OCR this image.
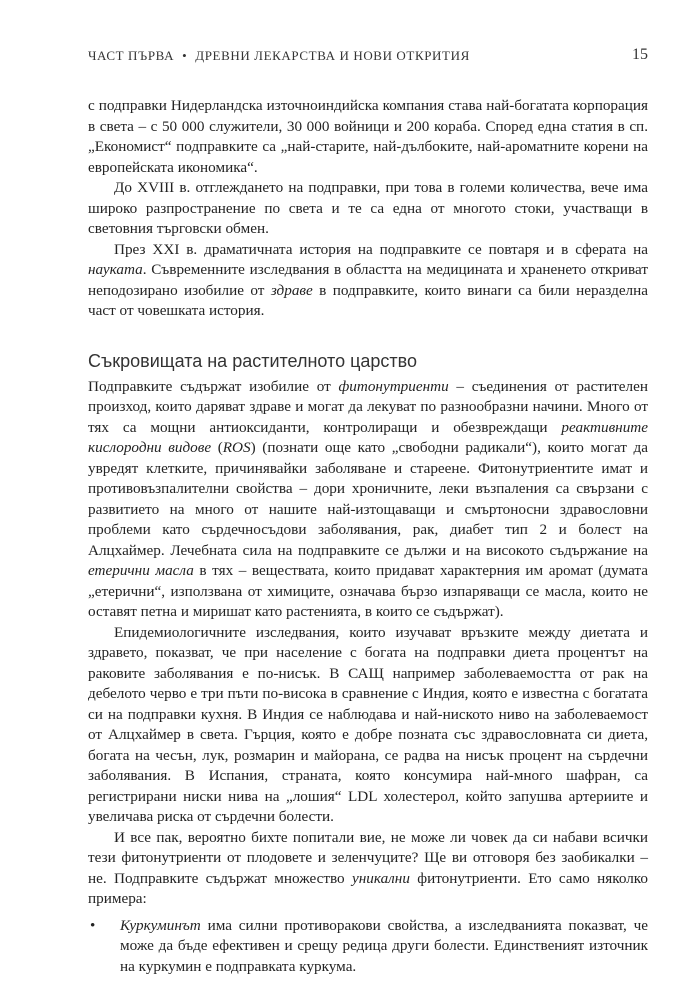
ЧАСТ ПЪРВА • ДРЕВНИ ЛЕКАРСТВА И НОВИ ОТКРИТИЯ	15

с подправки Нидерландска източноиндийска компания става най-богатата корпорация в света – с 50 000 служители, 30 000 войници и 200 кораба. Според една статия в сп. „Економист“ подправките са „най-старите, най-дълбоките, най-ароматните корени на европейската икономика“.

До XVIII в. отглеждането на подправки, при това в големи количества, вече има широко разпространение по света и те са една от многото стоки, участващи в световния търговски обмен.

През XXI в. драматичната история на подправките се повтаря и в сферата на науката. Съвременните изследвания в областта на медицината и храненето откриват неподозирано изобилие от здраве в подправките, които винаги са били неразделна част от човешката история.

Съкровищата на растителното царство

Подправките съдържат изобилие от фитонутриенти – съединения от растителен произход, които даряват здраве и могат да лекуват по разнообразни начини. Много от тях са мощни антиоксиданти, контролиращи и обезвреждащи реактивните кислородни видове (ROS) (познати още като „свободни радикали“), които могат да увредят клетките, причинявайки заболяване и стареене. Фитонутриентите имат и противовъзпалителни свойства – дори хроничните, леки възпаления са свързани с развитието на много от нашите най-изтощаващи и смъртоносни здравословни проблеми като сърдечносъдови заболявания, рак, диабет тип 2 и болест на Алцхаймер. Лечебната сила на подправките се дължи и на високото съдържание на етерични масла в тях – веществата, които придават характерния им аромат (думата „етерични“, използвана от химиците, означава бързо изпаряващи се масла, които не оставят петна и миришат като растенията, в които се съдържат).

Епидемиологичните изследвания, които изучават връзките между диетата и здравето, показват, че при население с богата на подправки диета процентът на раковите заболявания е по-нисък. В САЩ например заболеваемостта от рак на дебелото черво е три пъти по-висока в сравнение с Индия, която е известна с богатата си на подправки кухня. В Индия се наблюдава и най-ниското ниво на заболеваемост от Алцхаймер в света. Гърция, която е добре позната със здравословната си диета, богата на чесън, лук, розмарин и майорана, се радва на нисък процент на сърдечни заболявания. В Испания, страната, която консумира най-много шафран, са регистрирани ниски нива на „лошия“ LDL холестерол, който запушва артериите и увеличава риска от сърдечни болести.

И все пак, вероятно бихте попитали вие, не може ли човек да си набави всички тези фитонутриенти от плодовете и зеленчуците? Ще ви отговоря без заобикалки – не. Подправките съдържат множество уникални фитонутриенти. Ето само няколко примера:

• Куркуминът има силни противоракови свойства, а изследванията показват, че може да бъде ефективен и срещу редица други болести. Единственият източник на куркумин е подправката куркума.
